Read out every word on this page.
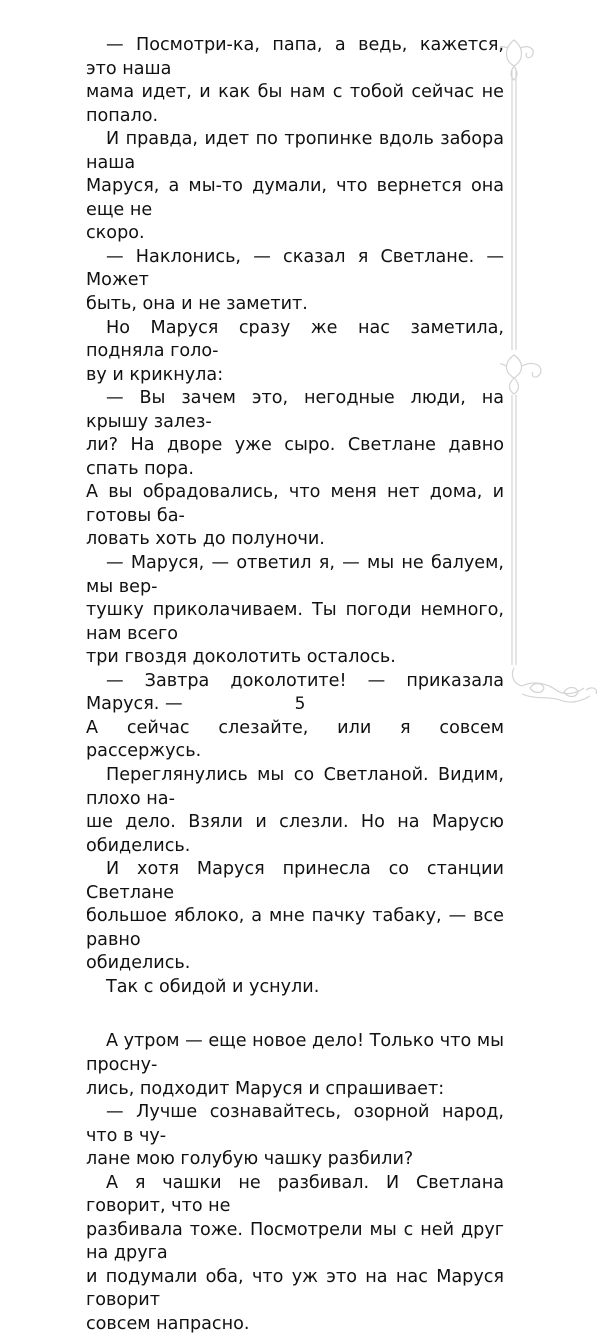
— Посмотри-ка, папа, а ведь, кажется, это наша
мама идет, и как бы нам с тобой сейчас не попало.

И правда, идет по тропинке вдоль забора наша
Маруся, а мы-то думали, что вернется она еще не
скоро.

— Наклонись, — сказал я Светлане. — Может
быть, она и не заметит.

Но Маруся сразу же нас заметила, подняла голо-
ву и крикнула:

— Вы зачем это, негодные люди, на крышу залез-
ли? На дворе уже сыро. Светлане давно спать пора.
А вы обрадовались, что меня нет дома, и готовы ба-
ловать хоть до полуночи.

— Маруся, — ответил я, — мы не балуем, мы вер-
тушку приколачиваем. Ты погоди немного, нам всего
три гвоздя доколотить осталось.

— Завтра доколотите! — приказала Маруся. —
А сейчас слезайте, или я совсем рассержусь.

Переглянулись мы со Светланой. Видим, плохо на-
ше дело. Взяли и слезли. Но на Марусю обиделись.

И хотя Маруся принесла со станции Светлане
большое яблоко, а мне пачку табаку, — все равно
обиделись.

Так с обидой и уснули.

А утром — еще новое дело! Только что мы просну-
лись, подходит Маруся и спрашивает:

— Лучше сознавайтесь, озорной народ, что в чу-
лане мою голубую чашку разбили?

А я чашки не разбивал. И Светлана говорит, что не
разбивала тоже. Посмотрели мы с ней друг на друга
и подумали оба, что уж это на нас Маруся говорит
совсем напрасно.

5
